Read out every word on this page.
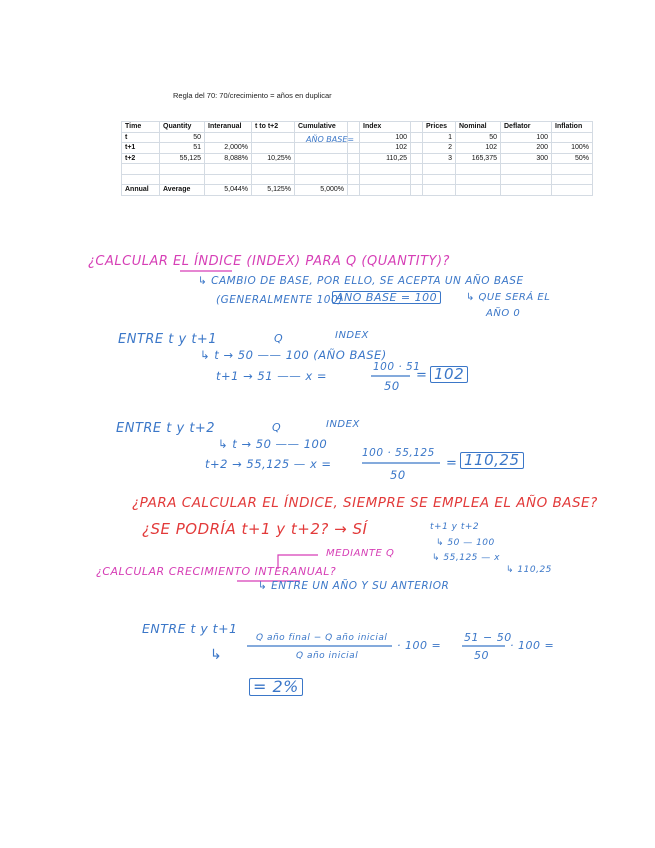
Regla del 70: 70/crecimiento = años en duplicar
Time	Quantity	Interanual	t to t+2	Cumulative		Index		Prices	Nominal	Deflator	Inflation
t	50					100		1	50	100	
t+1	51	2,000%				102		2	102	200	100%
t+2	55,125	8,088%	10,25%			110,25		3	165,375	300	50%

Annual	Average	5,044%	5,125%	5,000%							
AÑO BASE=
¿CALCULAR EL ÍNDICE (INDEX) PARA Q (QUANTITY)?
↳ CAMBIO DE BASE, POR ELLO, SE ACEPTA UN AÑO BASE
(GENERALMENTE 100)
AÑO BASE = 100	↳ QUE SERÁ EL
AÑO 0
ENTRE t y t+1	Q	INDEX
↳ t → 50 —— 100 (AÑO BASE)
t+1 → 51 —— x =
100 · 51
50
= 102
ENTRE t y t+2	Q	INDEX
↳ t → 50 —— 100
t+2 → 55,125 — x =
100 · 55,125
50
= 110,25
¿PARA CALCULAR EL ÍNDICE, SIEMPRE SE EMPLEA EL AÑO BASE?
¿SE PODRÍA t+1 y t+2? → SÍ	t+1 y t+2
↳ 50 — 100
↳ 55,125 — x
↳ 110,25
¿CALCULAR CRECIMIENTO INTERANUAL?
MEDIANTE Q
↳ ENTRE UN AÑO Y SU ANTERIOR
ENTRE t y t+1
↳
Q año final − Q año inicial
Q año inicial
· 100 =
51 − 50
50
· 100 =
= 2%
